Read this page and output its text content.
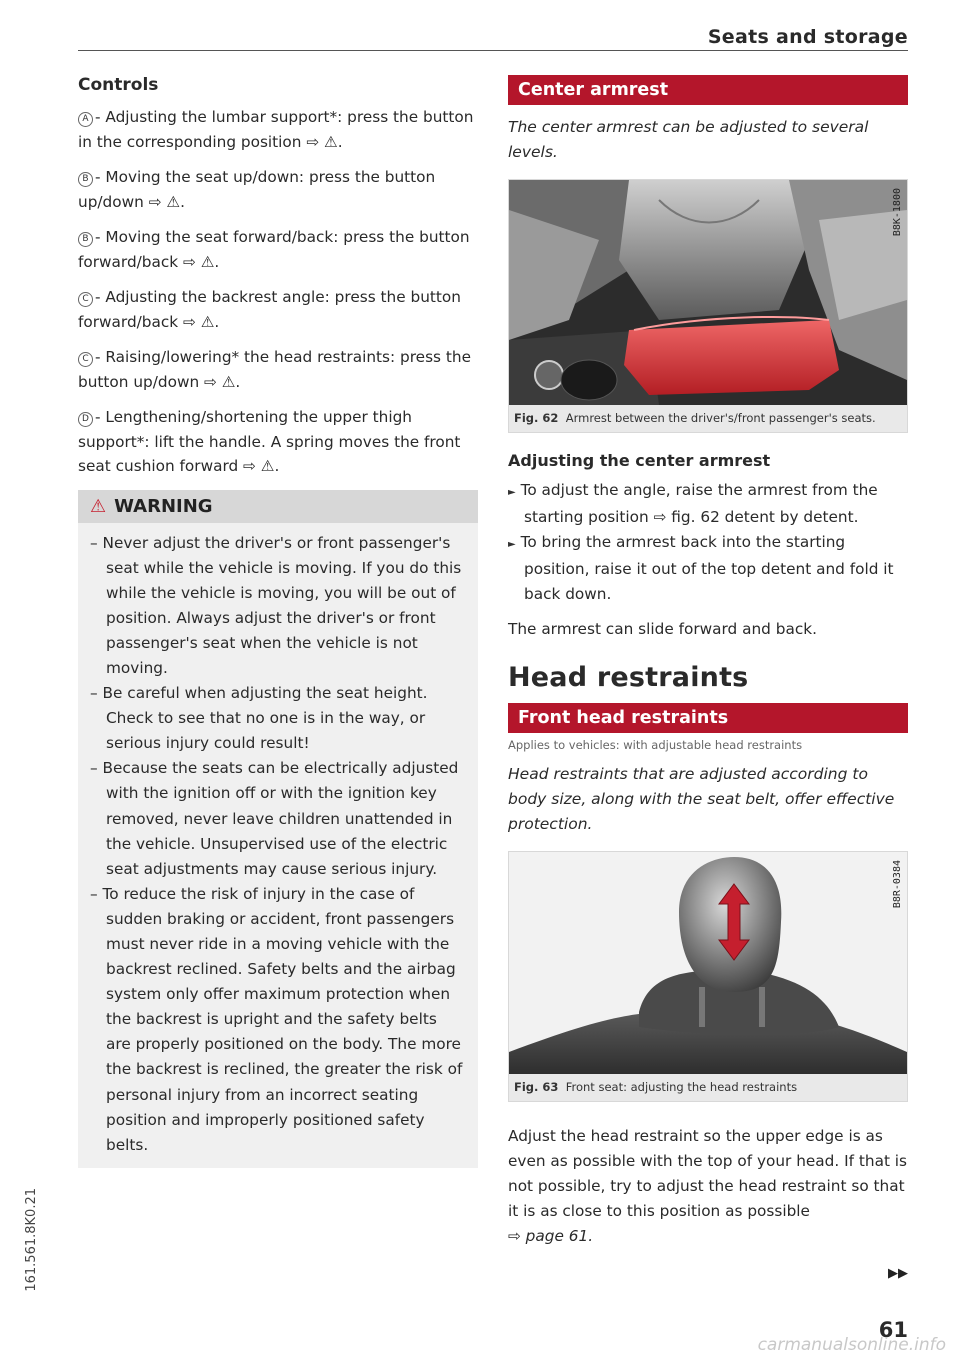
Seats and storage
Controls

A - Adjusting the lumbar support*: press the button in the corresponding position ⇨ ⚠.

B - Moving the seat up/down: press the button up/down ⇨ ⚠.

B - Moving the seat forward/back: press the button forward/back ⇨ ⚠.

C - Adjusting the backrest angle: press the button forward/back ⇨ ⚠.

C - Raising/lowering* the head restraints: press the button up/down ⇨ ⚠.

D - Lengthening/shortening the upper thigh support*: lift the handle. A spring moves the front seat cushion forward ⇨ ⚠.

⚠ WARNING

– Never adjust the driver's or front passenger's seat while the vehicle is moving. If you do this while the vehicle is moving, you will be out of position. Always adjust the driver's or front passenger's seat when the vehicle is not moving.

– Be careful when adjusting the seat height. Check to see that no one is in the way, or serious injury could result!

– Because the seats can be electrically adjusted with the ignition off or with the ignition key removed, never leave children unattended in the vehicle. Unsupervised use of the electric seat adjustments may cause serious injury.

– To reduce the risk of injury in the case of sudden braking or accident, front passengers must never ride in a moving vehicle with the backrest reclined. Safety belts and the airbag system only offer maximum protection when the backrest is upright and the safety belts are properly positioned on the body. The more the backrest is reclined, the greater the risk of personal injury from an incorrect seating position and improperly positioned safety belts.

Center armrest

The center armrest can be adjusted to several levels.

B8K-1800
Fig. 62 Armrest between the driver's/front passenger's seats.
Adjusting the center armrest

► To adjust the angle, raise the armrest from the starting position ⇨ fig. 62 detent by detent.

► To bring the armrest back into the starting position, raise it out of the top detent and fold it back down.

The armrest can slide forward and back.

Head restraints
Front head restraints

Applies to vehicles: with adjustable head restraints

Head restraints that are adjusted according to body size, along with the seat belt, offer effective protection.

B8R-0384
Fig. 63 Front seat: adjusting the head restraints

Adjust the head restraint so the upper edge is as even as possible with the top of your head. If that is not possible, try to adjust the head restraint so that it is as close to this position as possible
⇨ page 61.

▶▶
161.561.8K0.21
61
carmanualsonline.info
